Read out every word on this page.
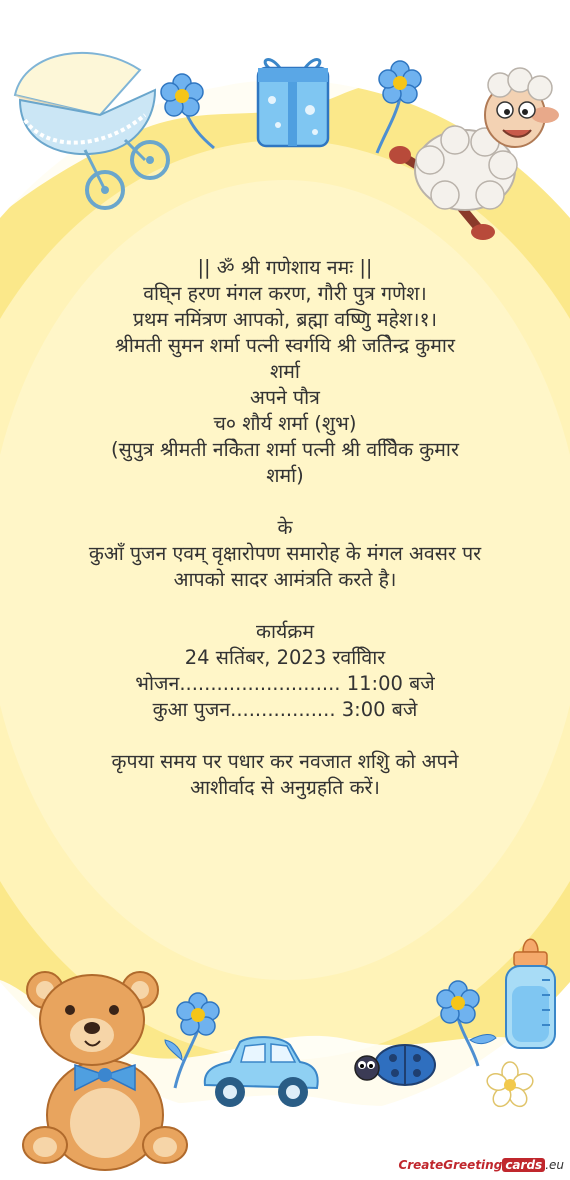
|| ॐ श्री गणेशाय नमः ||
वघि्न हरण मंगल करण, गौरी पुत्र गणेश।
प्रथम नमिंत्रण आपको, ब्रह्मा वष्णिु महेश।१।
श्रीमती सुमन शर्मा पत्नी स्वर्गयि श्री जतिेन्द्र कुमार
शर्मा
अपने पौत्र
च० शौर्य शर्मा (शुभ)
(सुपुत्र श्रीमती नकिेता शर्मा पत्नी श्री ववििेक कुमार
शर्मा)
के
कुआँ पुजन एवम् वृक्षारोपण समारोह के मंगल अवसर पर
आपको सादर आमंत्रति करते है।
कार्यक्रम
24 सतिंबर, 2023 रववििार
भोजन.......................... 11:00 बजे
कुआ पुजन................. 3:00 बजे
कृपया समय पर पधार कर नवजात शशिु को अपने
आशीर्वाद से अनुग्रहति करें।
CreateGreeting cards .eu
